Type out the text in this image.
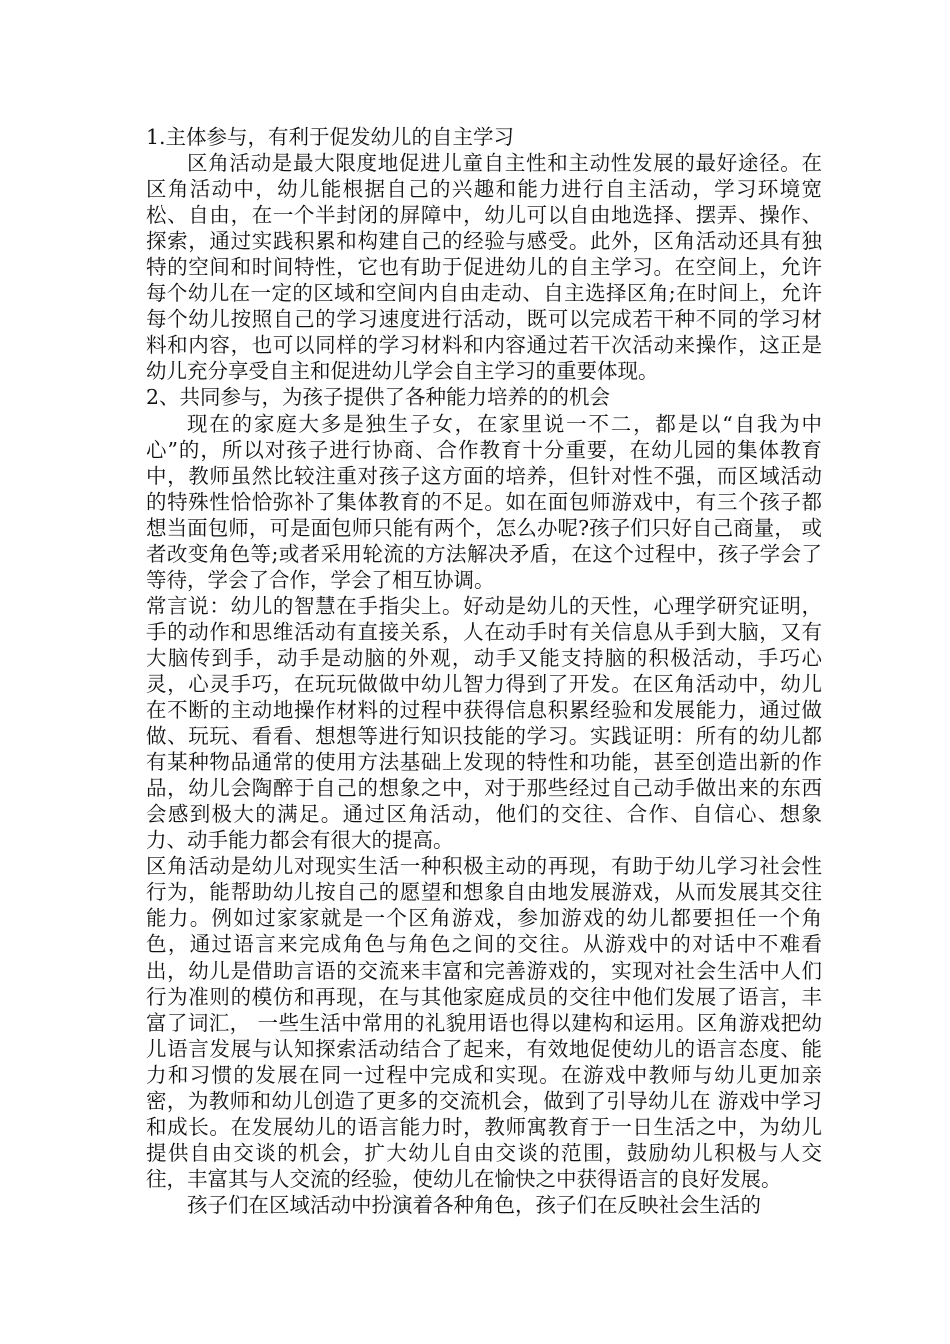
1.主体参与，有利于促发幼儿的自主学习

区角活动是最大限度地促进儿童自主性和主动性发展的最好途径。在区角活动中，幼儿能根据自己的兴趣和能力进行自主活动，学习环境宽松、自由，在一个半封闭的屏障中，幼儿可以自由地选择、摆弄、操作、探索，通过实践积累和构建自己的经验与感受。此外，区角活动还具有独特的空间和时间特性，它也有助于促进幼儿的自主学习。在空间上，允许每个幼儿在一定的区域和空间内自由走动、自主选择区角;在时间上，允许每个幼儿按照自己的学习速度进行活动，既可以完成若干种不同的学习材料和内容，也可以同样的学习材料和内容通过若干次活动来操作，这正是幼儿充分享受自主和促进幼儿学会自主学习的重要体现。

2、共同参与，为孩子提供了各种能力培养的的机会

现在的家庭大多是独生子女，在家里说一不二，都是以“自我为中心”的，所以对孩子进行协商、合作教育十分重要，在幼儿园的集体教育中，教师虽然比较注重对孩子这方面的培养，但针对性不强，而区域活动的特殊性恰恰弥补了集体教育的不足。如在面包师游戏中，有三个孩子都想当面包师，可是面包师只能有两个，怎么办呢?孩子们只好自己商量， 或者改变角色等;或者采用轮流的方法解决矛盾，在这个过程中，孩子学会了等待，学会了合作，学会了相互协调。

常言说：幼儿的智慧在手指尖上。好动是幼儿的天性，心理学研究证明，手的动作和思维活动有直接关系，人在动手时有关信息从手到大脑，又有大脑传到手，动手是动脑的外观，动手又能支持脑的积极活动，手巧心灵，心灵手巧，在玩玩做做中幼儿智力得到了开发。在区角活动中，幼儿在不断的主动地操作材料的过程中获得信息积累经验和发展能力，通过做做、玩玩、看看、想想等进行知识技能的学习。实践证明：所有的幼儿都有某种物品通常的使用方法基础上发现的特性和功能，甚至创造出新的作品，幼儿会陶醉于自己的想象之中，对于那些经过自己动手做出来的东西会感到极大的满足。通过区角活动，他们的交往、合作、自信心、想象力、动手能力都会有很大的提高。

区角活动是幼儿对现实生活一种积极主动的再现，有助于幼儿学习社会性行为，能帮助幼儿按自己的愿望和想象自由地发展游戏，从而发展其交往能力。例如过家家就是一个区角游戏，参加游戏的幼儿都要担任一个角色，通过语言来完成角色与角色之间的交往。从游戏中的对话中不难看出，幼儿是借助言语的交流来丰富和完善游戏的，实现对社会生活中人们行为准则的模仿和再现，在与其他家庭成员的交往中他们发展了语言，丰富了词汇， 一些生活中常用的礼貌用语也得以建构和运用。区角游戏把幼儿语言发展与认知探索活动结合了起来，有效地促使幼儿的语言态度、能力和习惯的发展在同一过程中完成和实现。在游戏中教师与幼儿更加亲密，为教师和幼儿创造了更多的交流机会，做到了引导幼儿在 游戏中学习和成长。在发展幼儿的语言能力时，教师寓教育于一日生活之中，为幼儿提供自由交谈的机会，扩大幼儿自由交谈的范围，鼓励幼儿积极与人交往，丰富其与人交流的经验，使幼儿在愉快之中获得语言的良好发展。

孩子们在区域活动中扮演着各种角色，孩子们在反映社会生活的
